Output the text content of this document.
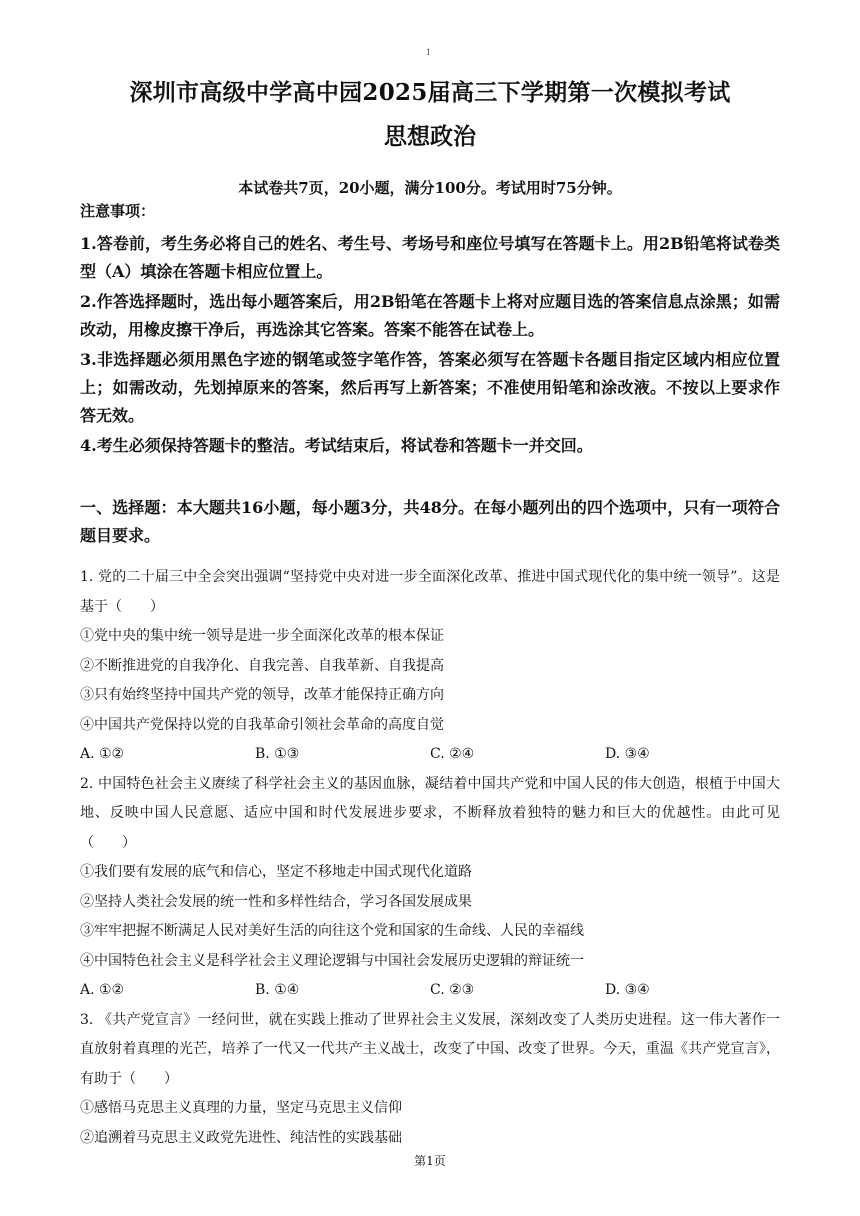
1
深圳市高级中学高中园2025届高三下学期第一次模拟考试
思想政治
本试卷共7页，20小题，满分100分。考试用时75分钟。
注意事项：

1.答卷前，考生务必将自己的姓名、考生号、考场号和座位号填写在答题卡上。用2B铅笔将试卷类型（A）填涂在答题卡相应位置上。

2.作答选择题时，选出每小题答案后，用2B铅笔在答题卡上将对应题目选的答案信息点涂黑；如需改动，用橡皮擦干净后，再选涂其它答案。答案不能答在试卷上。

3.非选择题必须用黑色字迹的钢笔或签字笔作答，答案必须写在答题卡各题目指定区域内相应位置上；如需改动，先划掉原来的答案，然后再写上新答案；不准使用铅笔和涂改液。不按以上要求作答无效。

4.考生必须保持答题卡的整洁。考试结束后，将试卷和答题卡一并交回。

一、选择题：本大题共16小题，每小题3分，共48分。在每小题列出的四个选项中，只有一项符合题目要求。

1. 党的二十届三中全会突出强调“坚持党中央对进一步全面深化改革、推进中国式现代化的集中统一领导”。这是基于（　　）

①党中央的集中统一领导是进一步全面深化改革的根本保证

②不断推进党的自我净化、自我完善、自我革新、自我提高

③只有始终坚持中国共产党的领导，改革才能保持正确方向

④中国共产党保持以党的自我革命引领社会革命的高度自觉

A. ①②	B. ①③	C. ②④	D. ③④

2. 中国特色社会主义赓续了科学社会主义的基因血脉，凝结着中国共产党和中国人民的伟大创造，根植于中国大地、反映中国人民意愿、适应中国和时代发展进步要求，不断释放着独特的魅力和巨大的优越性。由此可见（　　）

①我们要有发展的底气和信心，坚定不移地走中国式现代化道路

②坚持人类社会发展的统一性和多样性结合，学习各国发展成果

③牢牢把握不断满足人民对美好生活的向往这个党和国家的生命线、人民的幸福线

④中国特色社会主义是科学社会主义理论逻辑与中国社会发展历史逻辑的辩证统一

A. ①②	B. ①④	C. ②③	D. ③④

3. 《共产党宣言》一经问世，就在实践上推动了世界社会主义发展，深刻改变了人类历史进程。这一伟大著作一直放射着真理的光芒，培养了一代又一代共产主义战士，改变了中国、改变了世界。今天，重温《共产党宣言》，有助于（　　）

①感悟马克思主义真理的力量，坚定马克思主义信仰

②追溯着马克思主义政党先进性、纯洁性的实践基础

第1页
